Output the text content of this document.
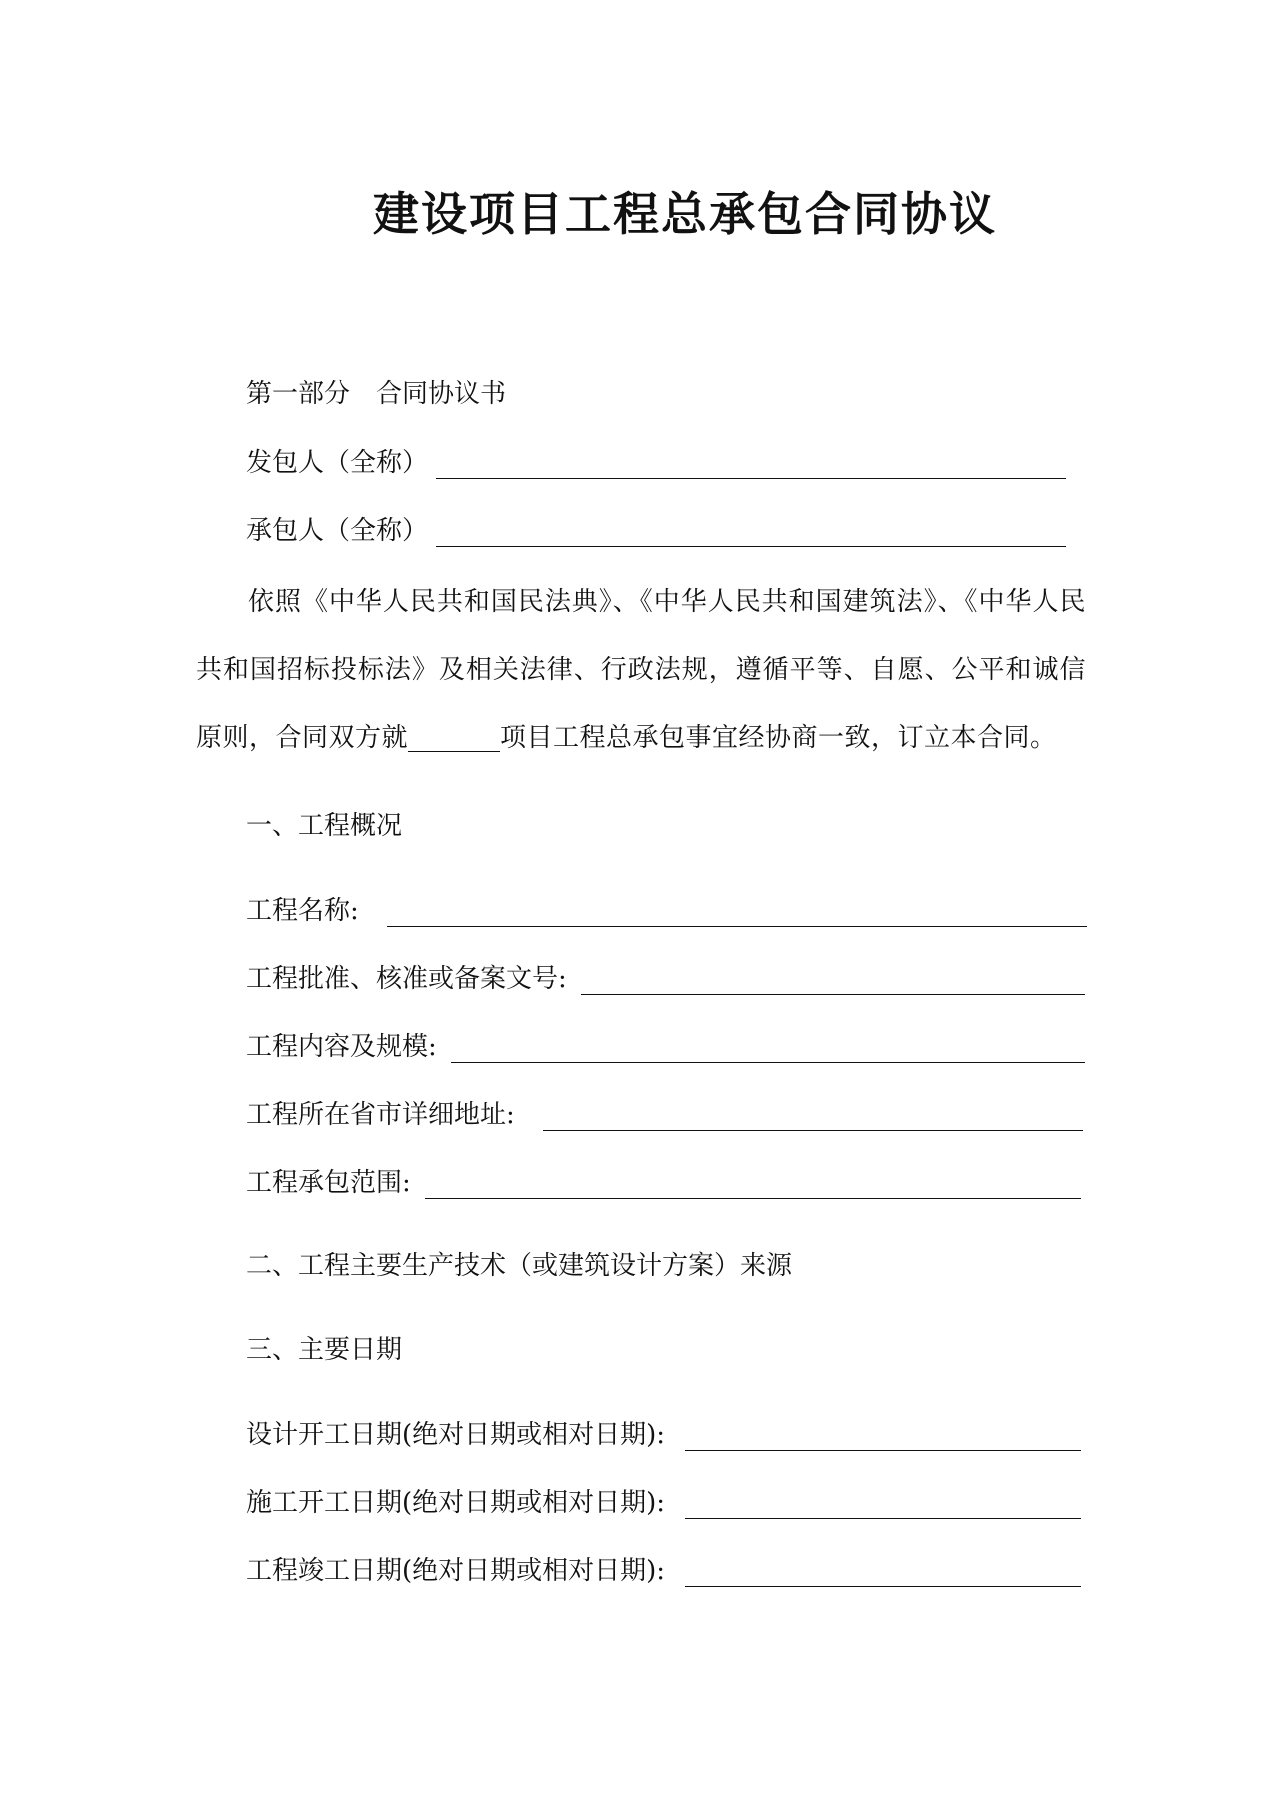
建设项目工程总承包合同协议
第一部分　合同协议书
发包人（全称）
承包人（全称）
依照《中华人民共和国民法典》、《中华人民共和国建筑法》、《中华人民共和国招标投标法》及相关法律、行政法规，遵循平等、自愿、公平和诚信原则，合同双方就	项目工程总承包事宜经协商一致，订立本合同。
一、工程概况
工程名称:
工程批准、核准或备案文号:
工程内容及规模:
工程所在省市详细地址:
工程承包范围:
二、工程主要生产技术（或建筑设计方案）来源
三、主要日期
设计开工日期(绝对日期或相对日期):
施工开工日期(绝对日期或相对日期):
工程竣工日期(绝对日期或相对日期):
